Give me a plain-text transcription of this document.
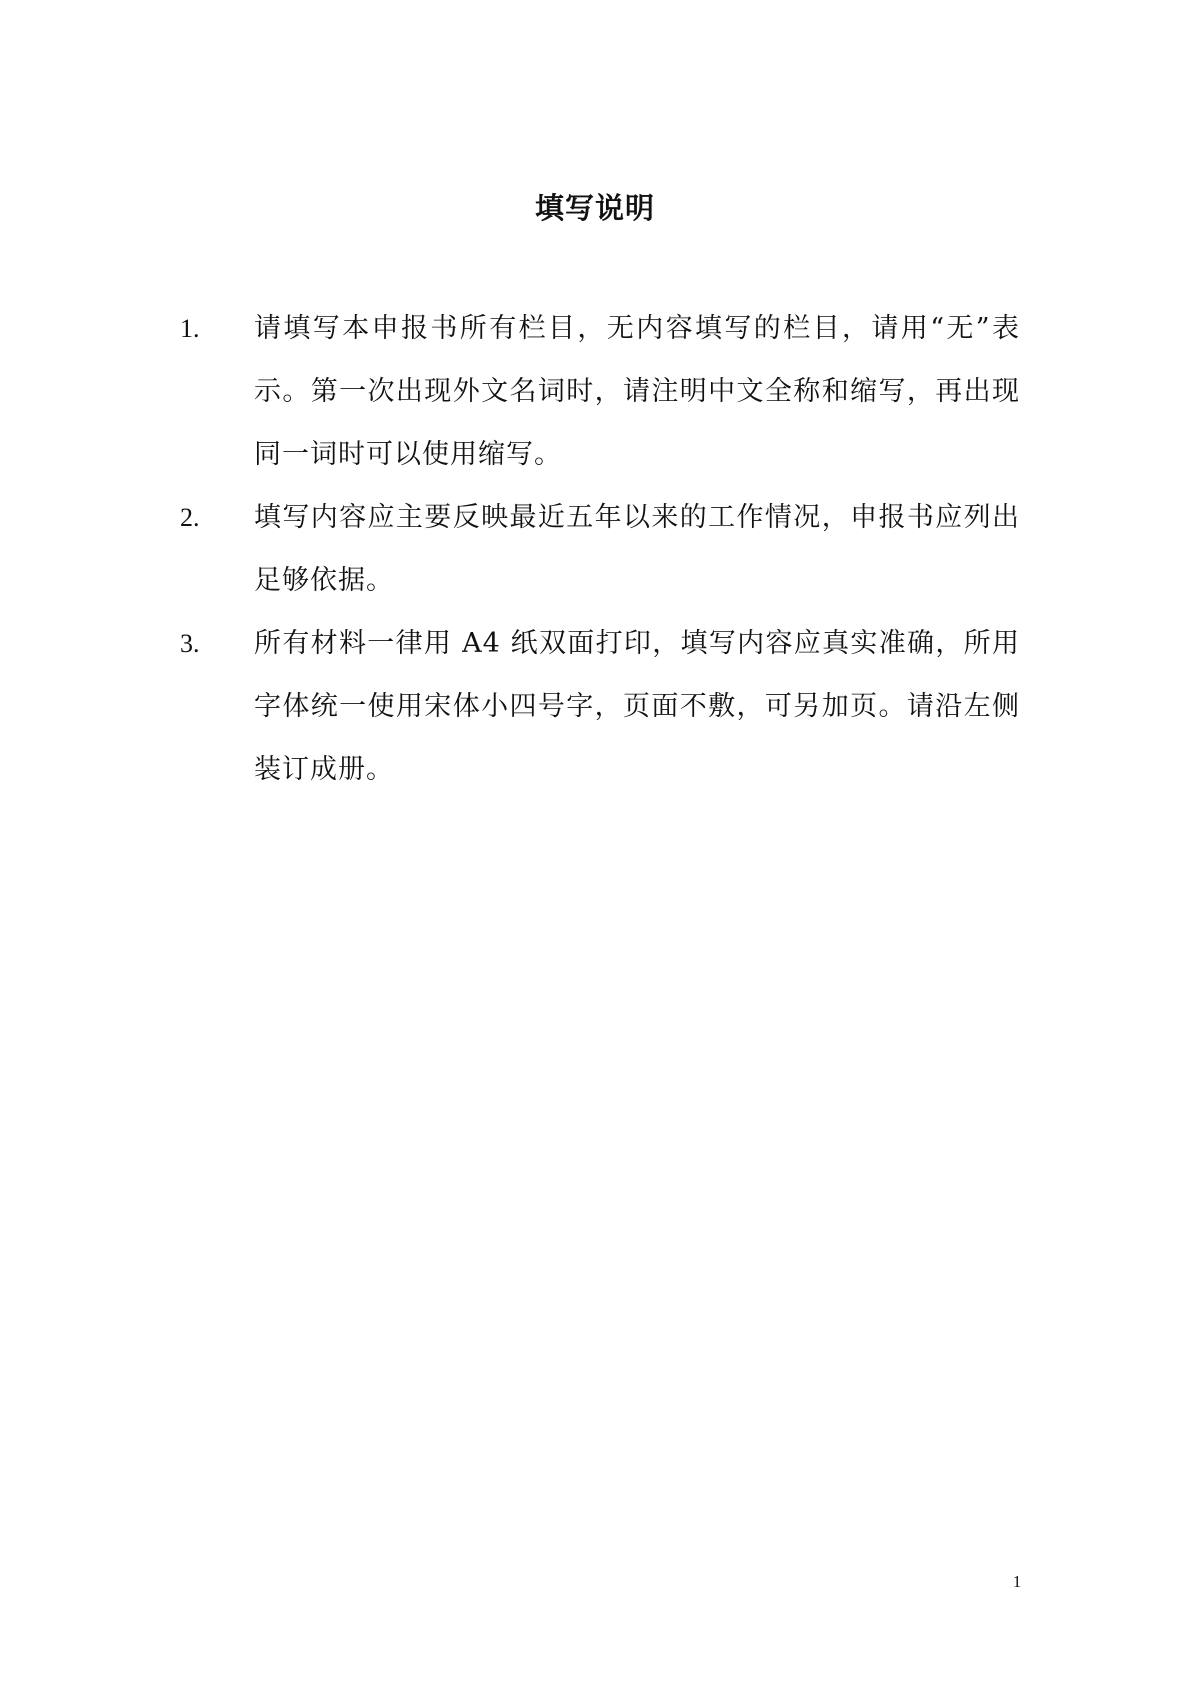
填写说明
1.	请填写本申报书所有栏目，无内容填写的栏目，请用“无”表示。第一次出现外文名词时，请注明中文全称和缩写，再出现同一词时可以使用缩写。
2.	填写内容应主要反映最近五年以来的工作情况，申报书应列出足够依据。
3.	所有材料一律用 A4 纸双面打印，填写内容应真实准确，所用字体统一使用宋体小四号字，页面不敷，可另加页。请沿左侧装订成册。
1
